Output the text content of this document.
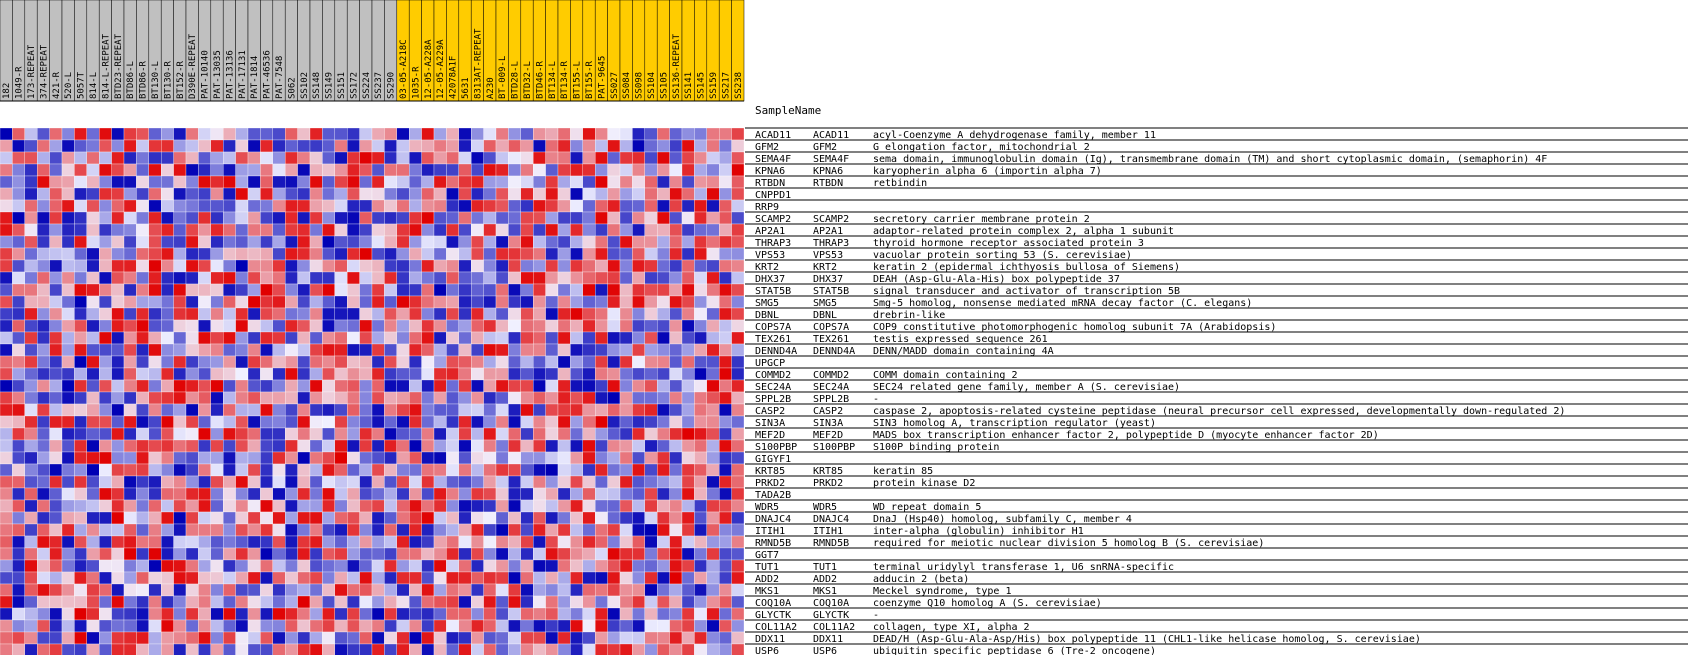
182 1049-R 173-REPEAT 374-REPEAT 421-R 520-L 5057T 814-L 814-L-REPEAT BTD23-REPEAT BTD86-L BTD86-R BT130-L BT130-R BT152-R D390E-REPEAT PAT-10140 PAT-13035 PAT-13136 PAT-17131 PAT-1814 PAT-46536 PAT-7548 S062 SS102 SS148 SS149 SS151 SS172 SS224 SS237 SS290 03-05-A218C 1035-R 12-05-A228A 12-05-A229A 42078A1F 5631 8313AT-REPEAT A230 BT-009-L BTD28-L BTD32-L BTD46-R BT134-L BT134-R BT155-L BT155-R PAT-9645 SS027 SS084 SS098 SS104 SS105 SS136-REPEAT SS141 SS145 SS159 SS217 SS238
SampleName
ACAD11 ACAD11 acyl-Coenzyme A dehydrogenase family, member 11
GFM2	GFM2	G elongation factor, mitochondrial 2
SEMA4F SEMA4F sema domain, immunoglobulin domain (Ig), transmembrane domain (TM) and short cytoplasmic domain, (semaphorin) 4F
KPNA6	KPNA6	karyopherin alpha 6 (importin alpha 7)
RTBDN	RTBDN	retbindin
CNPPD1
RRP9
SCAMP2 SCAMP2 secretory carrier membrane protein 2
AP2A1	AP2A1	adaptor-related protein complex 2, alpha 1 subunit
THRAP3 THRAP3 thyroid hormone receptor associated protein 3
VPS53	VPS53	vacuolar protein sorting 53 (S. cerevisiae)
KRT2	KRT2	keratin 2 (epidermal ichthyosis bullosa of Siemens)
DHX37	DHX37	DEAH (Asp-Glu-Ala-His) box polypeptide 37
STAT5B STAT5B signal transducer and activator of transcription 5B
SMG5	SMG5	Smg-5 homolog, nonsense mediated mRNA decay factor (C. elegans)
DBNL	DBNL	drebrin-like
COPS7A COPS7A COP9 constitutive photomorphogenic homolog subunit 7A (Arabidopsis)
TEX261 TEX261 testis expressed sequence 261
DENND4A DENND4A DENN/MADD domain containing 4A
UPGCP
COMMD2 COMMD2 COMM domain containing 2
SEC24A SEC24A SEC24 related gene family, member A (S. cerevisiae)
SPPL2B SPPL2B -
CASP2	CASP2	caspase 2, apoptosis-related cysteine peptidase (neural precursor cell expressed, developmentally down-regulated 2)
SIN3A	SIN3A	SIN3 homolog A, transcription regulator (yeast)
MEF2D	MEF2D	MADS box transcription enhancer factor 2, polypeptide D (myocyte enhancer factor 2D)
S100PBP S100PBP S100P binding protein
GIGYF1
KRT85	KRT85	keratin 85
PRKD2	PRKD2	protein kinase D2
TADA2B
WDR5	WDR5	WD repeat domain 5
DNAJC4 DNAJC4 DnaJ (Hsp40) homolog, subfamily C, member 4
ITIH1	ITIH1	inter-alpha (globulin) inhibitor H1
RMND5B RMND5B required for meiotic nuclear division 5 homolog B (S. cerevisiae)
GGT7
TUT1	TUT1	terminal uridylyl transferase 1, U6 snRNA-specific
ADD2	ADD2	adducin 2 (beta)
MKS1	MKS1	Meckel syndrome, type 1
COQ10A COQ10A coenzyme Q10 homolog A (S. cerevisiae)
GLYCTK GLYCTK -
COL11A2 COL11A2 collagen, type XI, alpha 2
DDX11	DDX11	DEAD/H (Asp-Glu-Ala-Asp/His) box polypeptide 11 (CHL1-like helicase homolog, S. cerevisiae)
USP6	USP6	ubiquitin specific peptidase 6 (Tre-2 oncogene)
